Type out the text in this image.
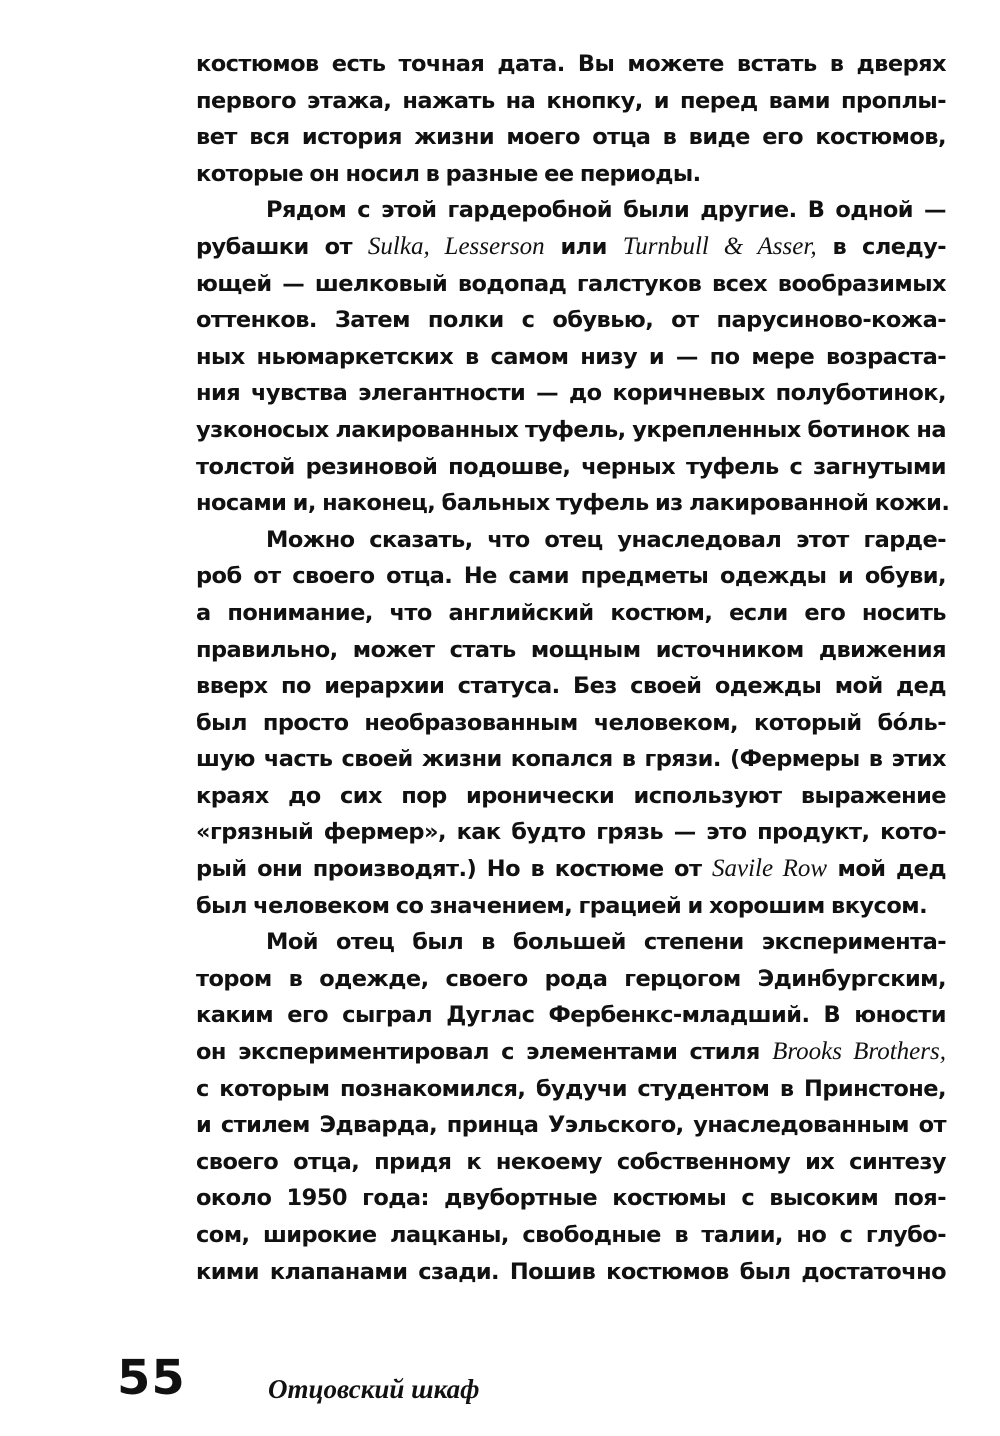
костюмов есть точная дата. Вы можете встать в дверях
первого этажа, нажать на кнопку, и перед вами проплы-
вет вся история жизни моего отца в виде его костюмов,
которые он носил в разные ее периоды.
Рядом с этой гардеробной были другие. В одной —
рубашки от Sulka, Lesserson или Turnbull & Asser, в следу-
ющей — шелковый водопад галстуков всех вообразимых
оттенков. Затем полки с обувью, от парусиново-кожа-
ных ньюмаркетских в самом низу и — по мере возраста-
ния чувства элегантности — до коричневых полуботинок,
узконосых лакированных туфель, укрепленных ботинок на
толстой резиновой подошве, черных туфель с загнутыми
носами и, наконец, бальных туфель из лакированной кожи.
Можно сказать, что отец унаследовал этот гарде-
роб от своего отца. Не сами предметы одежды и обуви,
а понимание, что английский костюм, если его носить
правильно, может стать мощным источником движения
вверх по иерархии статуса. Без своей одежды мой дед
был просто необразованным человеком, который бо́ль-
шую часть своей жизни копался в грязи. (Фермеры в этих
краях до сих пор иронически используют выражение
«грязный фермер», как будто грязь — это продукт, кото-
рый они производят.) Но в костюме от Savile Row мой дед
был человеком со значением, грацией и хорошим вкусом.
Мой отец был в большей степени эксперимента-
тором в одежде, своего рода герцогом Эдинбургским,
каким его сыграл Дуглас Фербенкс-младший. В юности
он экспериментировал с элементами стиля Brooks Brothers,
с которым познакомился, будучи студентом в Принстоне,
и стилем Эдварда, принца Уэльского, унаследованным от
своего отца, придя к некоему собственному их синтезу
около 1950 года: двубортные костюмы с высоким поя-
сом, широкие лацканы, свободные в талии, но с глубо-
кими клапанами сзади. Пошив костюмов был достаточно
55	Отцовский шкаф
